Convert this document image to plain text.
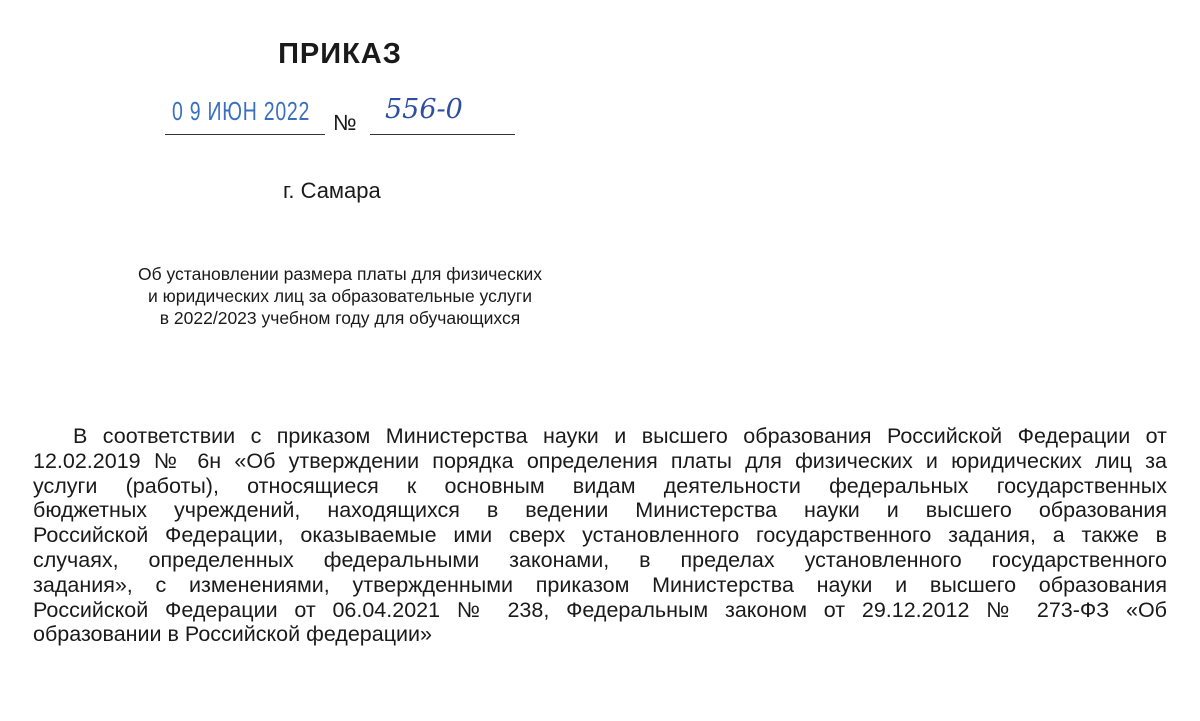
ПРИКАЗ
0 9 ИЮН 2022 № 556-0
г. Самара
Об установлении размера платы для физических
и юридических лиц за образовательные услуги
в 2022/2023 учебном году для обучающихся
В соответствии с приказом Министерства науки и высшего образования Российской Федерации от
12.02.2019 № 6н «Об утверждении порядка определения платы для физических и юридических лиц за
услуги (работы), относящиеся к основным видам деятельности федеральных государственных
бюджетных учреждений, находящихся в ведении Министерства науки и высшего образования
Российской Федерации, оказываемые ими сверх установленного государственного задания, а также в
случаях, определенных федеральными законами, в пределах установленного государственного
задания», с изменениями, утвержденными приказом Министерства науки и высшего образования
Российской Федерации от 06.04.2021 № 238, Федеральным законом от 29.12.2012 № 273-ФЗ «Об
образовании в Российской федерации»
